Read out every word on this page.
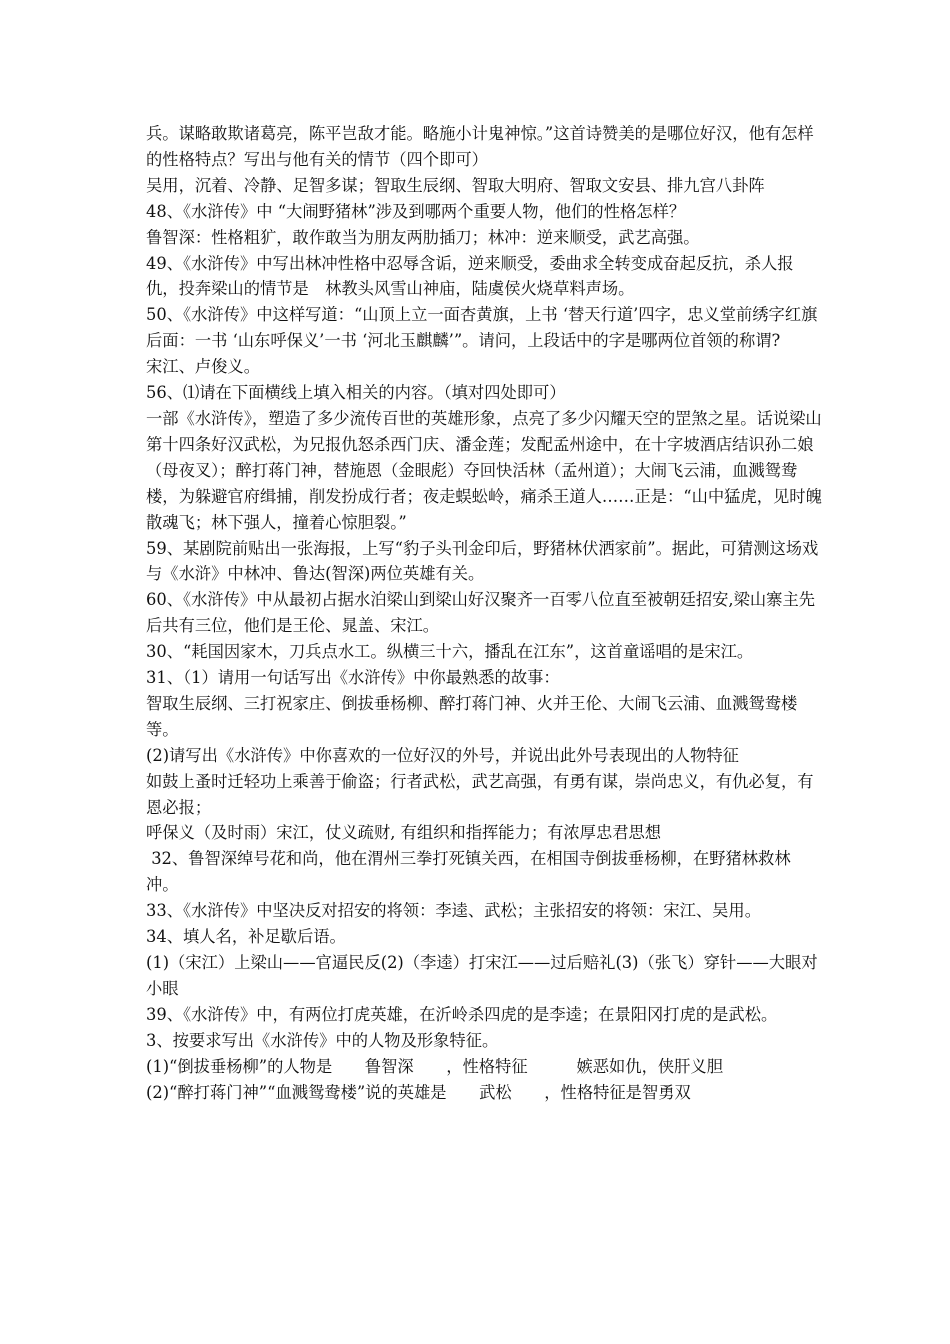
兵。谋略敢欺诸葛亮，陈平岂敌才能。略施小计鬼神惊。”这首诗赞美的是哪位好汉，他有怎样的性格特点？写出与他有关的情节（四个即可）

吴用，沉着、冷静、足智多谋；智取生辰纲、智取大明府、智取文安县、排九宫八卦阵

48、《水浒传》中 “大闹野猪林”涉及到哪两个重要人物，他们的性格怎样？

鲁智深：性格粗犷，敢作敢当为朋友两肋插刀；林冲：逆来顺受，武艺高强。

49、《水浒传》中写出林冲性格中忍辱含诟，逆来顺受，委曲求全转变成奋起反抗，杀人报仇，投奔梁山的情节是　林教头风雪山神庙，陆虞侯火烧草料声场。

50、《水浒传》中这样写道：“山顶上立一面杏黄旗，上书 ‘替天行道’四字，忠义堂前绣字红旗后面：一书 ‘山东呼保义’一书 ‘河北玉麒麟’”。请问，上段话中的字是哪两位首领的称谓?

宋江、卢俊义。

56、⑴请在下面横线上填入相关的内容。（填对四处即可）

一部《水浒传》，塑造了多少流传百世的英雄形象，点亮了多少闪耀天空的罡煞之星。话说梁山第十四条好汉武松，为兄报仇怒杀西门庆、潘金莲；发配孟州途中，在十字坡酒店结识孙二娘（母夜叉）；醉打蒋门神，替施恩（金眼彪）夺回快活林（孟州道）；大闹飞云浦，血溅鸳鸯楼，为躲避官府缉捕，削发扮成行者；夜走蜈蚣岭，痛杀王道人……正是：“山中猛虎，见时魄散魂飞；林下强人，撞着心惊胆裂。”

59、某剧院前贴出一张海报，上写“豹子头刊金印后，野猪林伏洒家前”。据此，可猜测这场戏与《水浒》中林冲、鲁达(智深)两位英雄有关。

60、《水浒传》中从最初占据水泊梁山到梁山好汉聚齐一百零八位直至被朝廷招安,梁山寨主先后共有三位，他们是王伦、晁盖、宋江。

30、“耗国因家木，刀兵点水工。纵横三十六，播乱在江东”，这首童谣唱的是宋江。

31、（1）请用一句话写出《水浒传》中你最熟悉的故事：

智取生辰纲、三打祝家庄、倒拔垂杨柳、醉打蒋门神、火并王伦、大闹飞云浦、血溅鸳鸯楼等。

(2)请写出《水浒传》中你喜欢的一位好汉的外号，并说出此外号表现出的人物特征

如鼓上蚤时迁轻功上乘善于偷盗；行者武松，武艺高强，有勇有谋，崇尚忠义，有仇必复，有恩必报；

呼保义（及时雨）宋江，仗义疏财, 有组织和指挥能力；有浓厚忠君思想

32、鲁智深绰号花和尚，他在渭州三拳打死镇关西，在相国寺倒拔垂杨柳，在野猪林救林冲。

33、《水浒传》中坚决反对招安的将领：李逵、武松；主张招安的将领：宋江、吴用。

34、填人名，补足歇后语。

(1)（宋江）上梁山——官逼民反(2)（李逵）打宋江——过后赔礼(3)（张飞）穿针——大眼对小眼

39、《水浒传》中，有两位打虎英雄，在沂岭杀四虎的是李逵；在景阳冈打虎的是武松。

3、按要求写出《水浒传》中的人物及形象特征。

(1)“倒拔垂杨柳”的人物是　　鲁智深　　，性格特征　　　嫉恶如仇，侠肝义胆

(2)“醉打蒋门神”“血溅鸳鸯楼”说的英雄是　　武松　　，性格特征是智勇双
